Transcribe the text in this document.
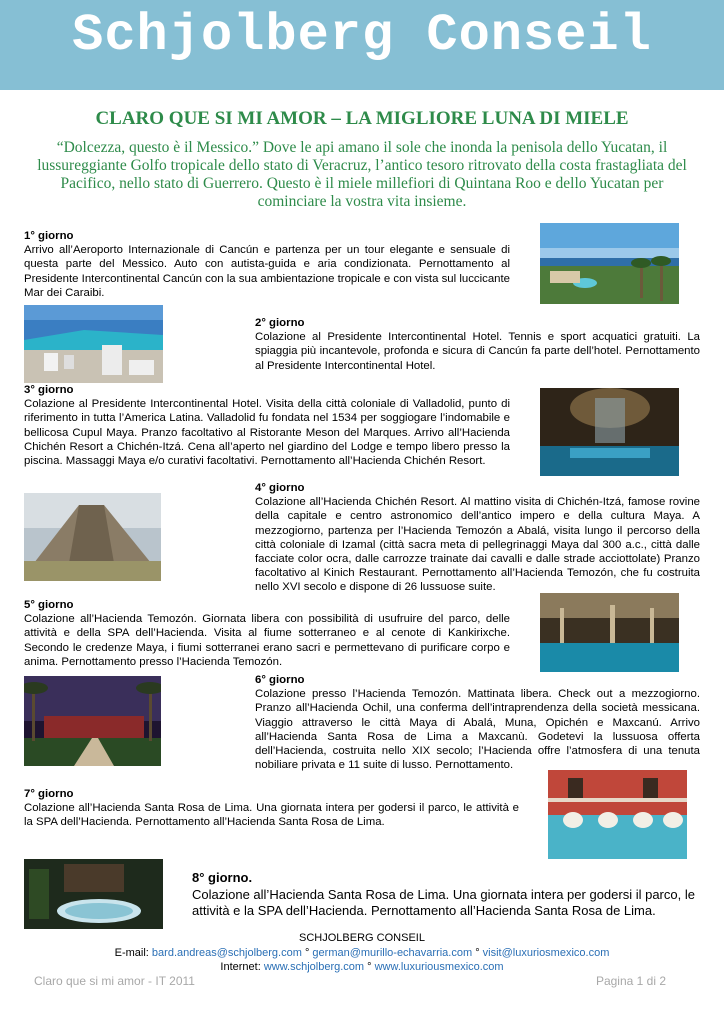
Schjolberg Conseil
CLARO QUE SI MI AMOR – LA MIGLIORE LUNA DI MIELE
“Dolcezza, questo è il Messico.” Dove le api amano il sole che inonda la penisola dello Yucatan, il lussureggiante Golfo tropicale dello stato di Veracruz, l’antico tesoro ritrovato della costa frastagliata del Pacifico, nello stato di Guerrero. Questo è il miele millefiori di Quintana Roo e dello Yucatan per cominciare la vostra vita insieme.
1° giorno
Arrivo all’Aeroporto Internazionale di Cancún e partenza per un tour elegante e sensuale di questa parte del Messico. Auto con autista-guida e aria condizionata. Pernottamento al Presidente Intercontinental Cancún con la sua ambientazione tropicale e con vista sul luccicante Mar dei Caraibi.
2° giorno
Colazione al Presidente Intercontinental Hotel. Tennis e sport acquatici gratuiti. La spiaggia più incantevole, profonda e sicura di Cancún fa parte dell’hotel. Pernottamento al Presidente Intercontinental Hotel.
3° giorno
Colazione al Presidente Intercontinental Hotel. Visita della città coloniale di Valladolid, punto di riferimento in tutta l’America Latina. Valladolid fu fondata nel 1534 per soggiogare l’indomabile e bellicosa Cupul Maya. Pranzo facoltativo al Ristorante Meson del Marques. Arrivo all’Hacienda Chichén Resort a Chichén-Itzá. Cena all’aperto nel giardino del Lodge e tempo libero presso la piscina. Massaggi Maya e/o curativi facoltativi. Pernottamento all’Hacienda Chichén Resort.
4° giorno
Colazione all’Hacienda Chichén Resort. Al mattino visita di Chichén-Itzá, famose rovine della capitale e centro astronomico dell’antico impero e della cultura Maya. A mezzogiorno, partenza per l’Hacienda Temozón a Abalá, visita lungo il percorso della città coloniale di Izamal (città sacra meta di pellegrinaggi Maya dal 300 a.c., città dalle facciate color ocra, dalle carrozze trainate dai cavalli e dalle strade acciottolate) Pranzo facoltativo al Kinich Restaurant. Pernottamento all’Hacienda Temozón, che fu costruita nello XVI secolo e dispone di 26 lussuose suite.
5° giorno
Colazione all’Hacienda Temozón. Giornata libera con possibilità di usufruire del parco, delle attività e della SPA dell’Hacienda. Visita al fiume sotterraneo e al cenote di Kankirixche. Secondo le credenze Maya, i fiumi sotterranei erano sacri e permettevano di purificare corpo e anima. Pernottamento presso l’Hacienda Temozón.
6° giorno
Colazione presso l’Hacienda Temozón. Mattinata libera. Check out a mezzogiorno. Pranzo all’Hacienda Ochil, una conferma dell’intraprendenza della società messicana. Viaggio attraverso le città Maya di Abalá, Muna, Opichén e Maxcanú. Arrivo all’Hacienda Santa Rosa de Lima a Maxcanù. Godetevi la lussuosa offerta dell’Hacienda, costruita nello XIX secolo; l’Hacienda offre l’atmosfera di una tenuta nobiliare privata e 11 suite di lusso. Pernottamento.
7° giorno
Colazione all’Hacienda Santa Rosa de Lima. Una giornata intera per godersi il parco, le attività e la SPA dell’Hacienda. Pernottamento all’Hacienda Santa Rosa de Lima.
8° giorno.
Colazione all’Hacienda Santa Rosa de Lima. Una giornata intera per godersi il parco, le attività e la SPA dell’Hacienda. Pernottamento all’Hacienda Santa Rosa de Lima.
SCHJOLBERG CONSEIL
E-mail: bard.andreas@schjolberg.com ° german@murillo-echavarria.com ° visit@luxuriosmexico.com
Internet: www.schjolberg.com ° www.luxuriousmexico.com
Claro que si mi amor - IT 2011	Pagina 1 di 2
